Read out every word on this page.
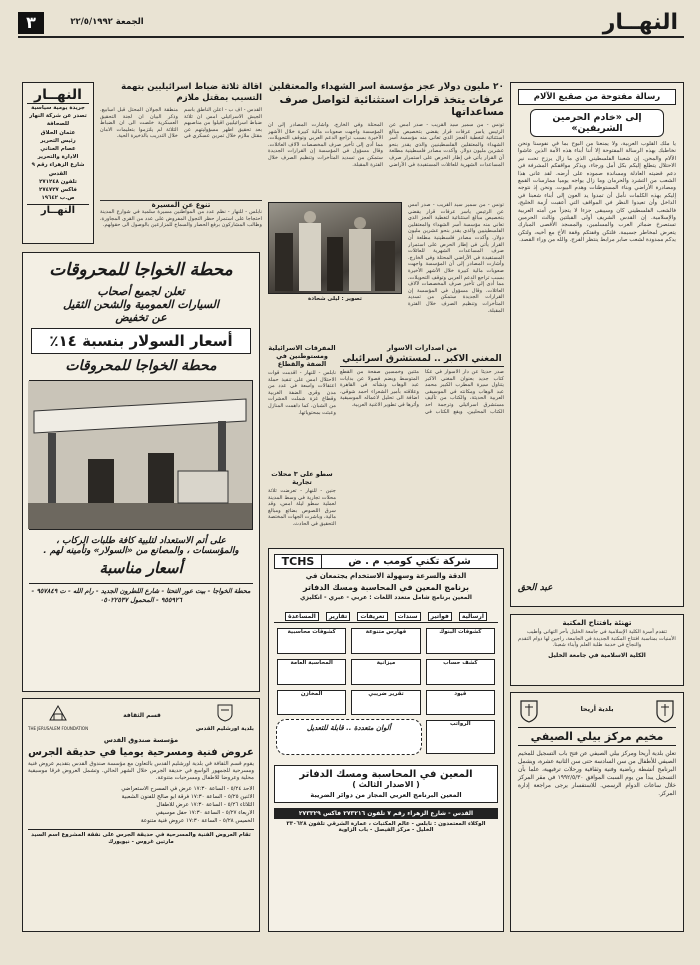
٣	الجمعة ٢٢/٥/١٩٩٢	النهــار
رسالة مفتوحة من صقيع الآلام
إلى «خادم الحرمين الشريفين»
يا ملك القلوب العربية، ولا يمنعنا من البوح بما في نفوسنا ونحن نخاطبك بهذه الرسالة المفتوحة إلا أننا أبناء هذه الأمة الذين عاشوا الآلام والمحن. إن شعبنا الفلسطيني الذي ما زال يرزح تحت نير الاحتلال يتطلع إليكم بكل أمل ورجاء، ويذكر مواقفكم المشرفة في دعم قضيته العادلة ومساندة صموده على أرضه. لقد عانى هذا الشعب من التشرد والحرمان وما زال يواجه يوميا ممارسات القمع ومصادرة الأراضي وبناء المستوطنات وهدم البيوت. ونحن إذ نتوجه إليكم بهذه الكلمات نأمل أن تمدوا يد العون إلى أبناء شعبنا في الداخل وأن تعيدوا النظر في المواقف التي أعقبت أزمة الخليج، فالشعب الفلسطيني كان وسيبقى جزءا لا يتجزأ من أمته العربية والإسلامية. إن القدس الشريف أولى القبلتين وثالث الحرمين تستصرخ ضمائر العرب والمسلمين، والمسجد الأقصى المبارك يتعرض لمخاطر جسيمة. فلتكن وقفتكم وقفة الأخ مع أخيه، ولتكن يدكم ممدودة لشعب صابر مرابط ينتظر الفرج. والله من وراء القصد.
عبد الحق
تهنئة بافتتاح المكتبة
تتقدم أسرة الكلية الإسلامية في جامعة الخليل بأحر التهاني وأطيب الأمنيات بمناسبة افتتاح المكتبة الجديدة في الجامعة، راجين لها دوام التقدم والنجاح في خدمة طلبة العلم وأبناء شعبنا.
الكلية الاسلامية في جامعة الخليل
بلدية أريحا
مخيم مركز بيلي الصيفي
تعلن بلدية أريحا ومركز بيلي الصيفي عن فتح باب التسجيل للمخيم الصيفي للأطفال من سن السادسة حتى سن الثانية عشرة، ويشمل البرنامج أنشطة رياضية وفنية وثقافية ورحلات ترفيهية، علما بأن التسجيل يبدأ من يوم السبت الموافق ١٩٩٢/٥/٣٠ في مقر المركز خلال ساعات الدوام الرسمي. للاستفسار يرجى مراجعة إدارة المركز.
٢٠ مليون دولار عجز مؤسسة اسر الشهداء والمعتقلين
عرفات يتخذ قرارات استثنائية لتواصل صرف مساعداتها
تونس - من سمير سيد القريب - صدر أمس عن الرئيس ياسر عرفات قرار يقضي بتخصيص مبالغ استثنائية لتغطية العجز الذي تعاني منه مؤسسة أسر الشهداء والمعتقلين الفلسطينيين والذي يقدر بنحو عشرين مليون دولار. وأكدت مصادر فلسطينية مطلعة أن القرار يأتي في إطار الحرص على استمرار صرف المساعدات الشهرية للعائلات المستفيدة في الأراضي المحتلة وفي الخارج. وأشارت المصادر إلى أن المؤسسة واجهت صعوبات مالية كبيرة خلال الأشهر الأخيرة بسبب تراجع الدعم العربي وتوقف التحويلات، مما أدى إلى تأخير صرف المخصصات لآلاف العائلات. وقال مسؤول في المؤسسة إن القرارات الجديدة ستمكن من تسديد المتأخرات وتنظيم الصرف خلال الفترة المقبلة.
تصوير : ليلى شحادة
تونس - من سمير سيد القريب - صدر أمس عن الرئيس ياسر عرفات قرار يقضي بتخصيص مبالغ استثنائية لتغطية العجز الذي تعاني منه مؤسسة أسر الشهداء والمعتقلين الفلسطينيين والذي يقدر بنحو عشرين مليون دولار. وأكدت مصادر فلسطينية مطلعة أن القرار يأتي في إطار الحرص على استمرار صرف المساعدات الشهرية للعائلات المستفيدة في الأراضي المحتلة وفي الخارج. وأشارت المصادر إلى أن المؤسسة واجهت صعوبات مالية كبيرة خلال الأشهر الأخيرة بسبب تراجع الدعم العربي وتوقف التحويلات، مما أدى إلى تأخير صرف المخصصات لآلاف العائلات. وقال مسؤول في المؤسسة إن القرارات الجديدة ستمكن من تسديد المتأخرات وتنظيم الصرف خلال الفترة المقبلة.
اقالة ثلاثة ضباط اسرائيليين بتهمة التسبب بمقتل ملازم
القدس - اف ب - اعلن الناطق باسم الجيش الاسرائيلي امس ان ثلاثة ضباط اسرائيليين اقيلوا من مناصبهم بعد تحقيق اظهر مسؤوليتهم عن مقتل ملازم خلال تمرين عسكري في منطقة الجولان المحتل قبل اسابيع. وذكر البيان ان لجنة التحقيق العسكرية خلصت الى ان الضباط الثلاثة لم يلتزموا بتعليمات الامان خلال التدريب بالذخيرة الحية.
النهــار
جريدة يومية سياسية
تصدر عن شركة النهار للصحافة
عثمان الحلاق
رئيس التحرير
عصام العناني
الادارة والتحرير
شارع الزهراء رقم ٩
القدس
تلفون ٢٧١٢٤٨
فاكس ٢٧٤٧٢٧
ص.ب ١٩٦٤٢
النهــار
محطة الخواجا للمحروقات
تعلن لجميع أصحاب
السيارات العمومية والشحن الثقيل
عن تخفيض
أسعار السولار بنسبة ١٤٪
محطة الخواجا للمحروقات
على أتم الاستعداد لتلبية كافة طلبات الركاب ،
والمؤسسات ، والمصانع من «السولار» وتأمينه لهم .
أسعار مناسبة
محطة الخواجا - بيت عور التحتا - شارع اللطرون الجديد - رام الله - ت ٩٥٧٨٤٩ - ٩٥٥٩٢٦ - المحمول ٠٥٠٢٢٥٣٧
من اصدارات الاسوار
المغني الاكبر .. لمستشرق اسرائيلي
صدر حديثا عن دار الاسوار في عكا كتاب جديد بعنوان المغني الاكبر يتناول سيرة المطرب الكبير محمد عبد الوهاب ومكانته في الموسيقى العربية الحديثة، والكتاب من تأليف مستشرق اسرائيلي وترجمة احد الكتاب المحليين. ويقع الكتاب في مئتين وخمسين صفحة من القطع المتوسط ويضم فصولا عن بدايات عبد الوهاب ونشأته في القاهرة وعلاقته بأمير الشعراء احمد شوقي، اضافة الى تحليل لاعماله الموسيقية وأثرها في تطوير الاغنية العربية.
المفرقات الاسرائيلية ومستوطنين في الضفة والقطاع
نابلس - للنهار - اقدمت قوات الاحتلال امس على تنفيذ حملة اعتقالات واسعة في عدد من مدن وقرى الضفة الغربية وقطاع غزة شملت العشرات من الشبان، كما داهمت المنازل وعبثت بمحتوياتها.
سطو على ٣ محلات تجارية
جنين - للنهار - تعرضت ثلاثة محلات تجارية في وسط المدينة لعملية سطو ليلة امس، وقد سرق اللصوص بضائع ومبالغ مالية، وباشرت الجهات المختصة التحقيق في الحادث.
شركة تكني كومب م . ض
TCHS
الدقة والسرعة وسهولة الاستخدام يجتمعان في
برنامج المعين في المحاسبة ومسك الدفاتر
المعين برنامج شامل متعدد اللغات : عربي - عبري - انكليزي
ارسالية فواتير سندات تعريفات تقارير المساعدة
كشوفات البنوك
فهارس متنوعة
كشوفات محاسبية
كشف حساب
ميزانية
المحاسبة العامة
قيود
تقرير ضريبي
المخازن
الرواتب
ألوان متعددة .. قابلة للتعديل
المعين في المحاسبة ومسك الدفاتر
( الاصدار الثالث )
المعين البرنامج العربي المجاز من دوائر الضريبة
القدس - شارع الزهراء رقم ٧ تلفون ٢٧٣٢١٦ فاكس ٢٧٣٣٢٩
الوكلاء المعتمدون : نابلس - عالم المكتبات ، عمارة الشرقي تلفون ٣٣٠٦٢٨
الخليل - مركز الفيصل - باب الزاوية
بلدية اورشليم القدس
قسم الثقافة
THE JERUSALEM FOUNDATION
مؤسسة صندوق القدس
عروض فنية ومسرحية يوميا في حديقة الجرس
يقوم قسم الثقافة في بلدية اورشليم القدس بالتعاون مع مؤسسة صندوق القدس بتقديم عروض فنية ومسرحية للجمهور الواسع في حديقة الجرس خلال الشهر الحالي. وتشمل العروض فرقا موسيقية محلية وعروضا للاطفال ومسرحيات متنوعة.
الاحد ٥/٢٤ - الساعة ١٧:٣٠ عرض في المسرح الاستعراضي
الاثنين ٥/٢٥ - الساعة ١٧:٣٠ فرقة ابو صالح للفنون الشعبية
الثلاثاء ٥/٢٦ - الساعة ١٧:٣٠ عرض للاطفال
الاربعاء ٥/٢٧ - الساعة ١٧:٣٠ حفل موسيقي
الخميس ٥/٢٨ - الساعة ١٧:٣٠ عروض فنية متنوعة
تقام العروض الفنية والمسرحية في حديقة الجرس على نفقة المشروع اسم السيد مارتين غروس - نيويورك
تنوع عن المسيرة
نابلس - للنهار - نظم عدد من المواطنين مسيرة سلمية في شوارع المدينة احتجاجا على استمرار حظر التجول المفروض على عدد من القرى المجاورة، وطالب المشاركون برفع الحصار والسماح للمزارعين بالوصول الى حقولهم.
